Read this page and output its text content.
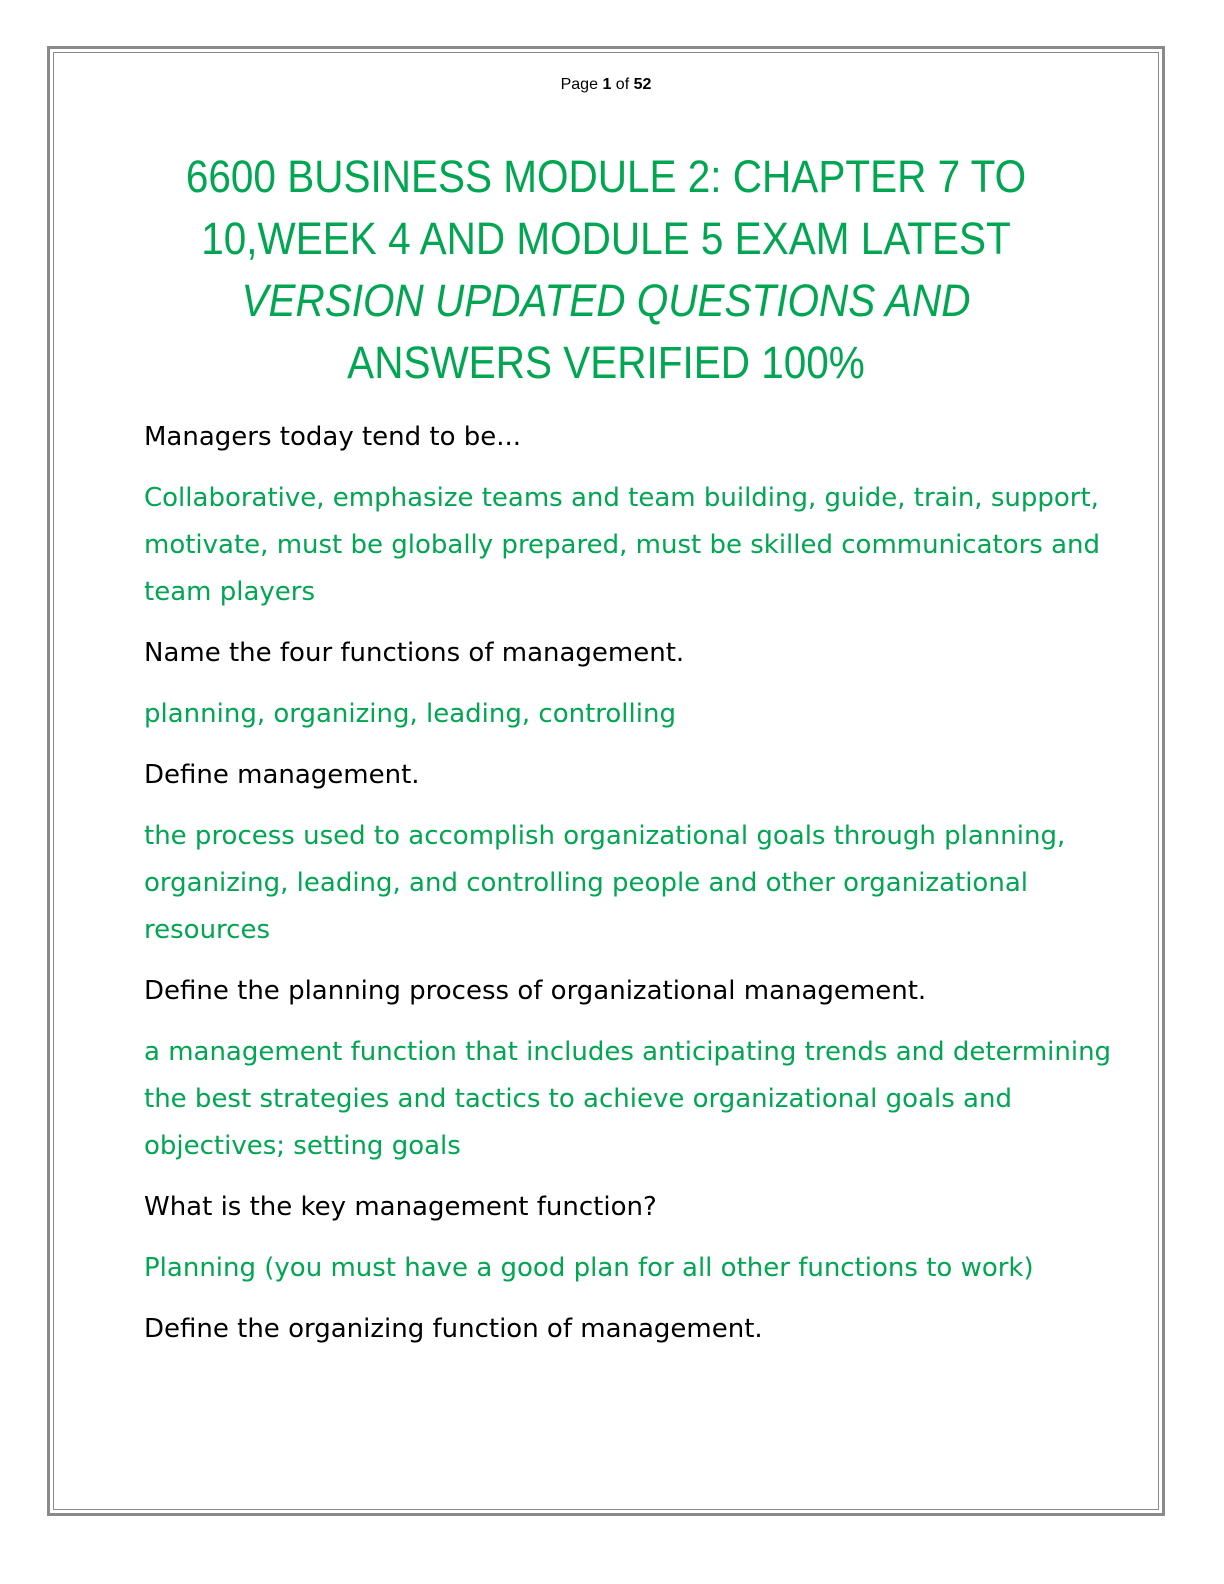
Page 1 of 52
6600 BUSINESS MODULE 2: CHAPTER 7 TO
10,WEEK 4 AND MODULE 5 EXAM LATEST
VERSION UPDATED QUESTIONS AND
ANSWERS VERIFIED 100%

Managers today tend to be...

Collaborative, emphasize teams and team building, guide, train, support, motivate, must be globally prepared, must be skilled communicators and team players

Name the four functions of management.

planning, organizing, leading, controlling

Define management.

the process used to accomplish organizational goals through planning, organizing, leading, and controlling people and other organizational resources

Define the planning process of organizational management.

a management function that includes anticipating trends and determining the best strategies and tactics to achieve organizational goals and objectives; setting goals

What is the key management function?

Planning (you must have a good plan for all other functions to work)

Define the organizing function of management.
